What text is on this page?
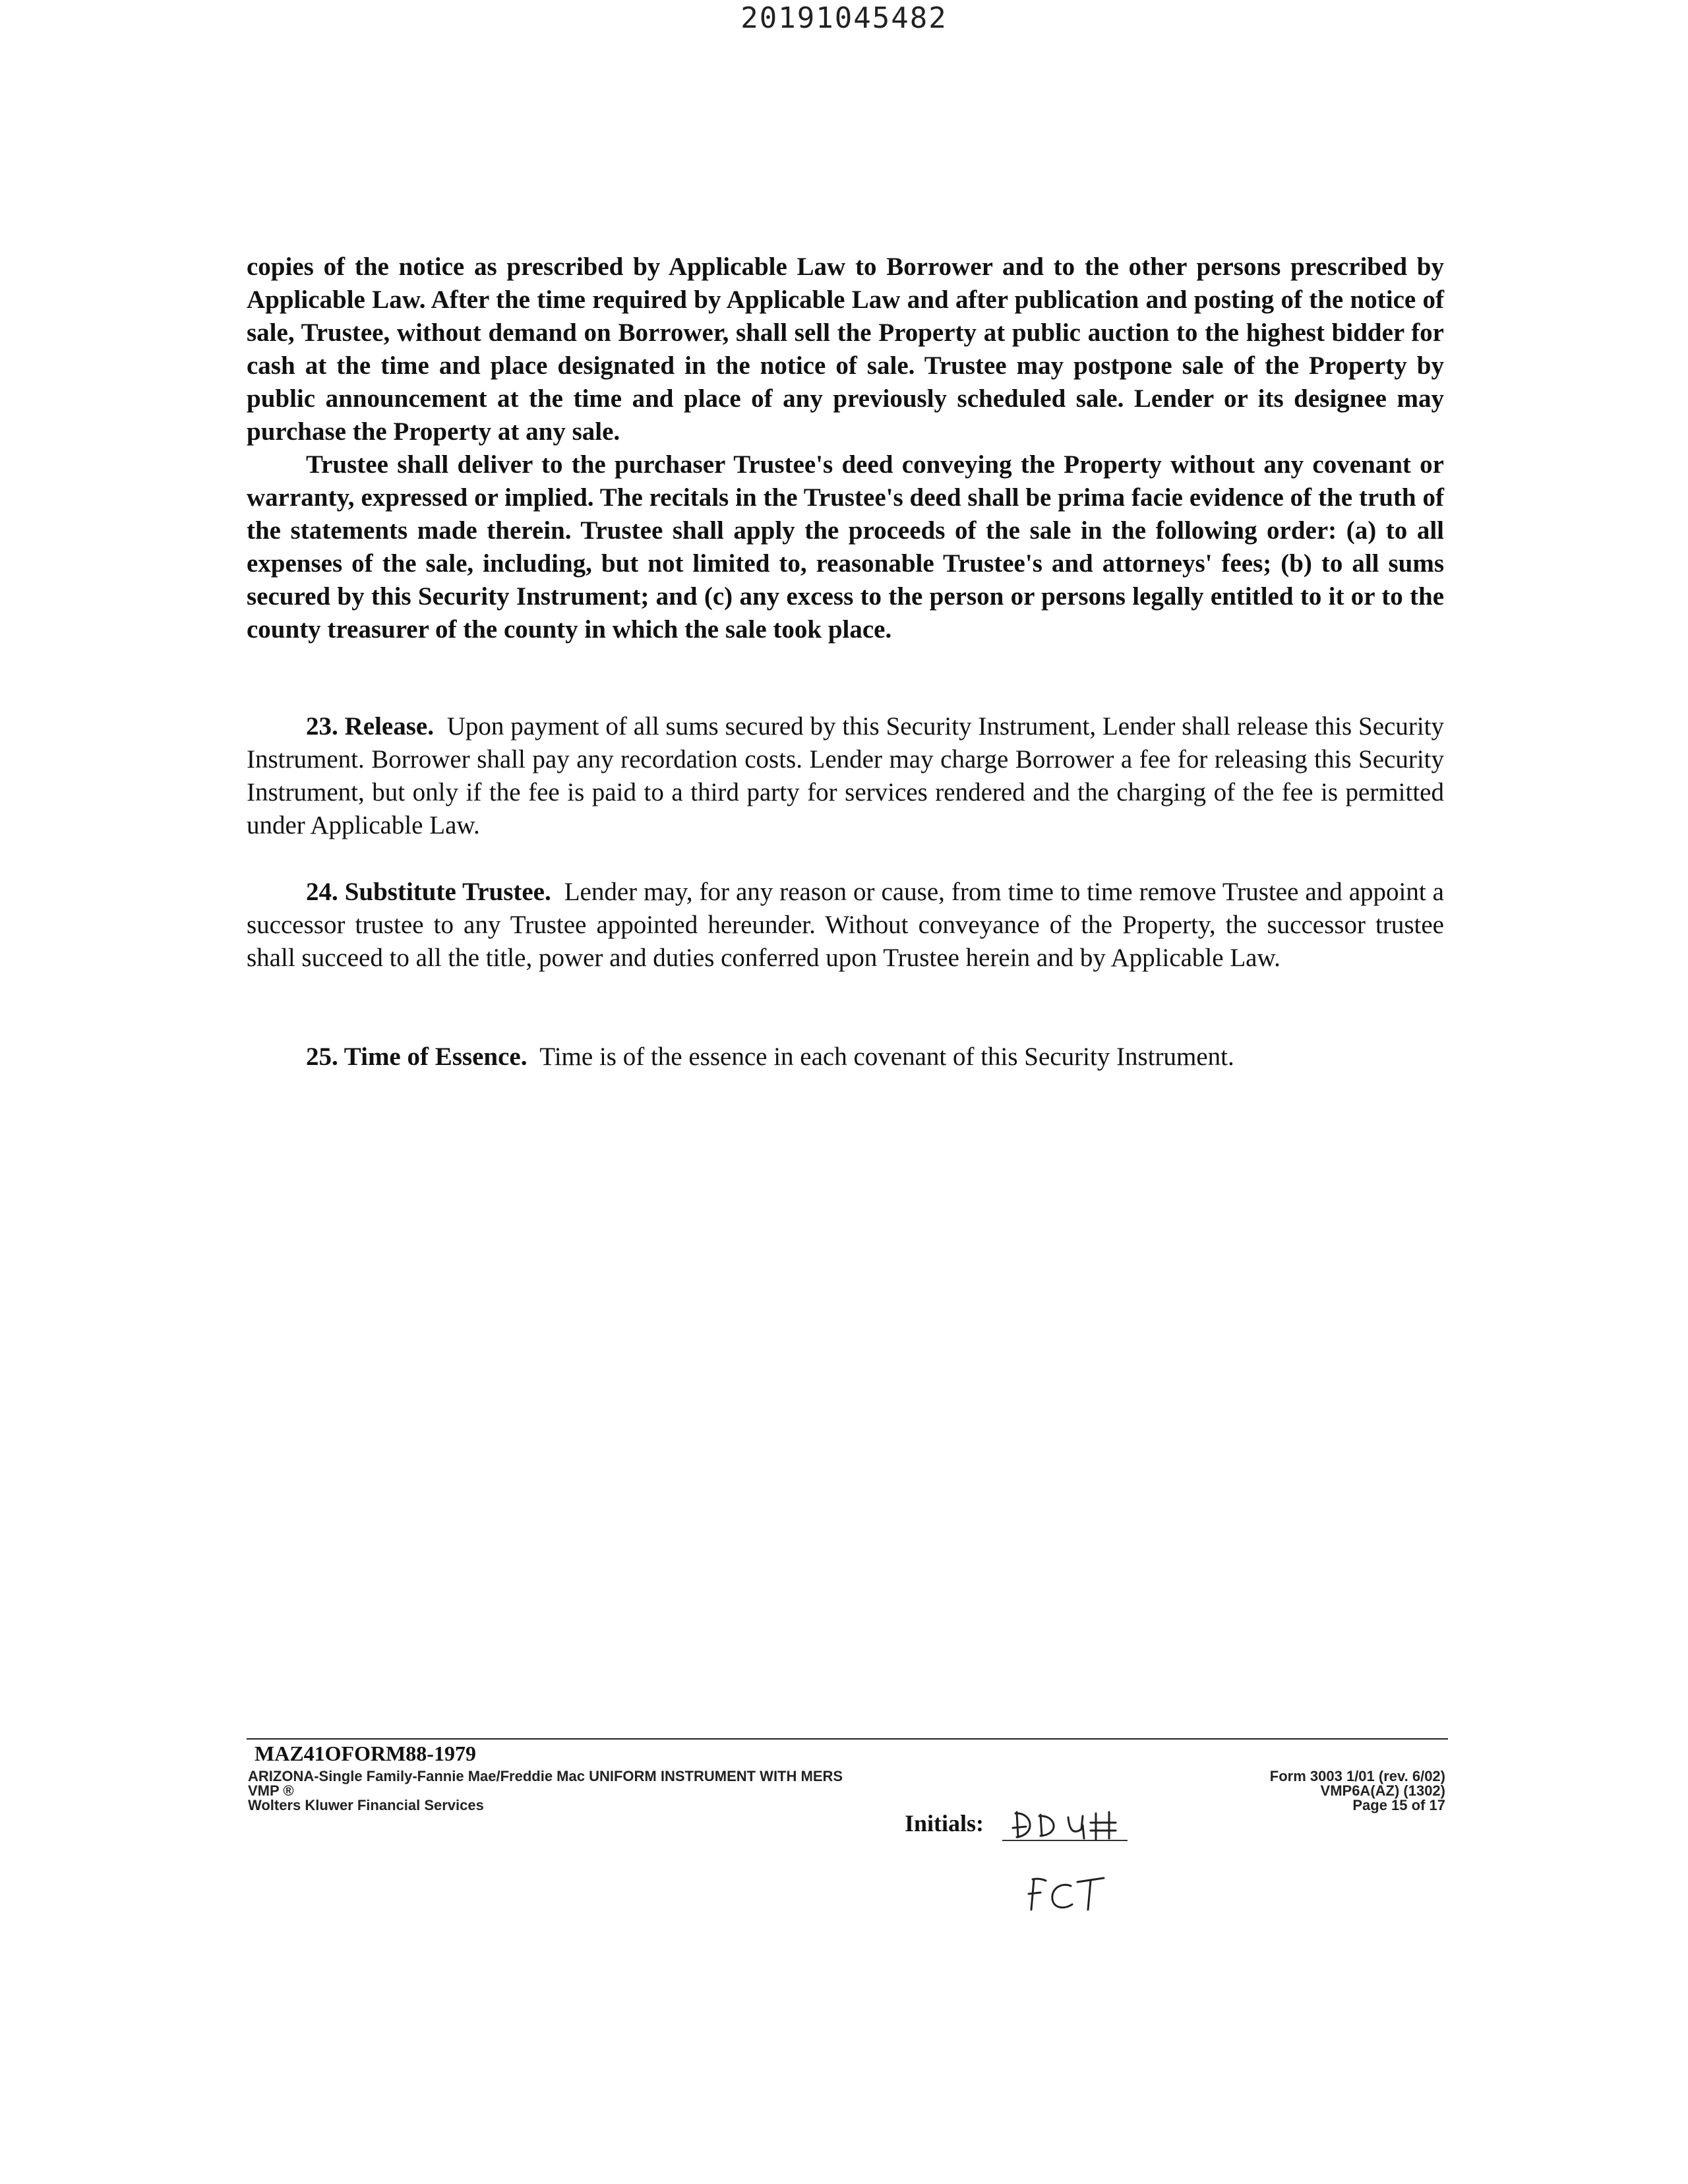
20191045482

copies of the notice as prescribed by Applicable Law to Borrower and to the other persons prescribed by Applicable Law. After the time required by Applicable Law and after publication and posting of the notice of sale, Trustee, without demand on Borrower, shall sell the Property at public auction to the highest bidder for cash at the time and place designated in the notice of sale. Trustee may postpone sale of the Property by public announcement at the time and place of any previously scheduled sale. Lender or its designee may purchase the Property at any sale.

Trustee shall deliver to the purchaser Trustee's deed conveying the Property without any covenant or warranty, expressed or implied. The recitals in the Trustee's deed shall be prima facie evidence of the truth of the statements made therein. Trustee shall apply the proceeds of the sale in the following order: (a) to all expenses of the sale, including, but not limited to, reasonable Trustee's and attorneys' fees; (b) to all sums secured by this Security Instrument; and (c) any excess to the person or persons legally entitled to it or to the county treasurer of the county in which the sale took place.

23. Release. Upon payment of all sums secured by this Security Instrument, Lender shall release this Security Instrument. Borrower shall pay any recordation costs. Lender may charge Borrower a fee for releasing this Security Instrument, but only if the fee is paid to a third party for services rendered and the charging of the fee is permitted under Applicable Law.

24. Substitute Trustee. Lender may, for any reason or cause, from time to time remove Trustee and appoint a successor trustee to any Trustee appointed hereunder. Without conveyance of the Property, the successor trustee shall succeed to all the title, power and duties conferred upon Trustee herein and by Applicable Law.

25. Time of Essence. Time is of the essence in each covenant of this Security Instrument.

MAZ41OFORM88-1979
ARIZONA-Single Family-Fannie Mae/Freddie Mac UNIFORM INSTRUMENT WITH MERS
VMP ®
Wolters Kluwer Financial Services
Form 3003 1/01 (rev. 6/02)
VMP6A(AZ) (1302)
Page 15 of 17
Initials:
